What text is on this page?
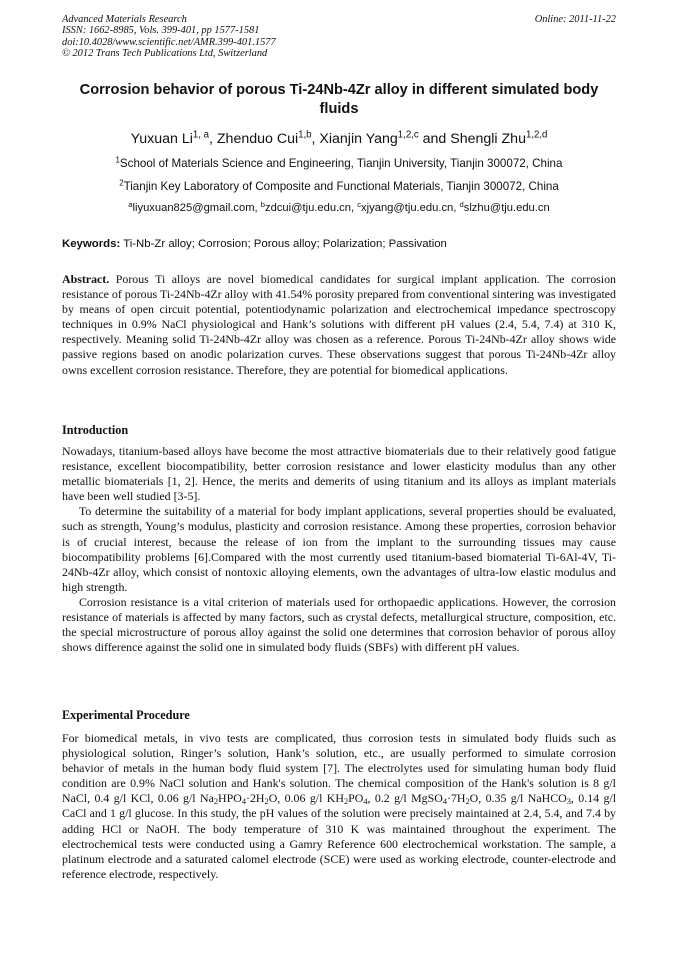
Advanced Materials Research
ISSN: 1662-8985, Vols. 399-401, pp 1577-1581
doi:10.4028/www.scientific.net/AMR.399-401.1577
© 2012 Trans Tech Publications Ltd, Switzerland
Online: 2011-11-22
Corrosion behavior of porous Ti-24Nb-4Zr alloy in different simulated body fluids
Yuxuan Li$^{1, a}$, Zhenduo Cui$^{1,b}$, Xianjin Yang$^{1,2,c}$ and Shengli Zhu$^{1,2,d}$
$^1$School of Materials Science and Engineering, Tianjin University, Tianjin 300072, China
$^2$Tianjin Key Laboratory of Composite and Functional Materials, Tianjin 300072, China
$^a$liyuxuan825@gmail.com, $^b$zdcui@tju.edu.cn, $^c$xjyang@tju.edu.cn, $^d$slzhu@tju.edu.cn
Keywords: Ti-Nb-Zr alloy; Corrosion; Porous alloy; Polarization; Passivation
Abstract. Porous Ti alloys are novel biomedical candidates for surgical implant application. The corrosion resistance of porous Ti-24Nb-4Zr alloy with 41.54% porosity prepared from conventional sintering was investigated by means of open circuit potential, potentiodynamic polarization and electrochemical impedance spectroscopy techniques in 0.9% NaCl physiological and Hank’s solutions with different pH values (2.4, 5.4, 7.4) at 310 K, respectively. Meaning solid Ti-24Nb-4Zr alloy was chosen as a reference. Porous Ti-24Nb-4Zr alloy shows wide passive regions based on anodic polarization curves. These observations suggest that porous Ti-24Nb-4Zr alloy owns excellent corrosion resistance. Therefore, they are potential for biomedical applications.
Introduction

Nowadays, titanium-based alloys have become the most attractive biomaterials due to their relatively good fatigue resistance, excellent biocompatibility, better corrosion resistance and lower elasticity modulus than any other metallic biomaterials [1, 2]. Hence, the merits and demerits of using titanium and its alloys as implant materials have been well studied [3-5].

To determine the suitability of a material for body implant applications, several properties should be evaluated, such as strength, Young’s modulus, plasticity and corrosion resistance. Among these properties, corrosion behavior is of crucial interest, because the release of ion from the implant to the surrounding tissues may cause biocompatibility problems [6].Compared with the most currently used titanium-based biomaterial Ti-6Al-4V, Ti-24Nb-4Zr alloy, which consist of nontoxic alloying elements, own the advantages of ultra-low elastic modulus and high strength.

Corrosion resistance is a vital criterion of materials used for orthopaedic applications. However, the corrosion resistance of materials is affected by many factors, such as crystal defects, metallurgical structure, composition, etc. the special microstructure of porous alloy against the solid one determines that corrosion behavior of porous alloy shows difference against the solid one in simulated body fluids (SBFs) with different pH values.

Experimental Procedure

For biomedical metals, in vivo tests are complicated, thus corrosion tests in simulated body fluids such as physiological solution, Ringer’s solution, Hank’s solution, etc., are usually performed to simulate corrosion behavior of metals in the human body fluid system [7]. The electrolytes used for simulating human body fluid condition are 0.9% NaCl solution and Hank's solution. The chemical composition of the Hank's solution is 8 g/l NaCl, 0.4 g/l KCl, 0.06 g/l $Na_2HPO_4\cdot 2H_2O$, 0.06 g/l $KH_2PO_4$, 0.2 g/l $MgSO_4\cdot 7H_2O$, 0.35 g/l NaHCO$_3$, 0.14 g/l CaCl and 1 g/l glucose. In this study, the pH values of the solution were precisely maintained at 2.4, 5.4, and 7.4 by adding HCl or NaOH. The body temperature of 310 K was maintained throughout the experiment. The electrochemical tests were conducted using a Gamry Reference 600 electrochemical workstation. The sample, a platinum electrode and a saturated calomel electrode (SCE) were used as working electrode, counter-electrode and reference electrode, respectively.
